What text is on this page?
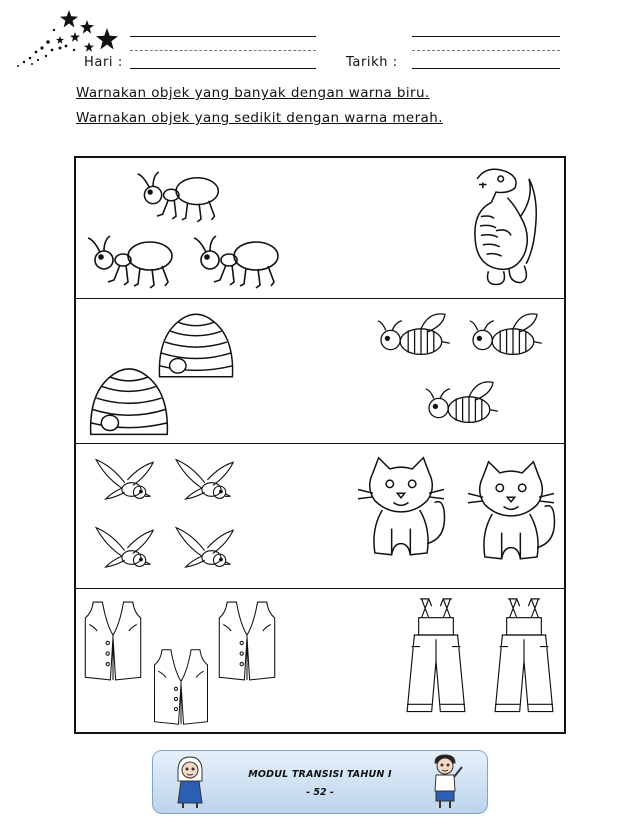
Hari :	Tarikh :
Warnakan objek yang banyak dengan warna biru.
Warnakan objek yang sedikit dengan warna merah.
MODUL TRANSISI TAHUN I
- 52 -
